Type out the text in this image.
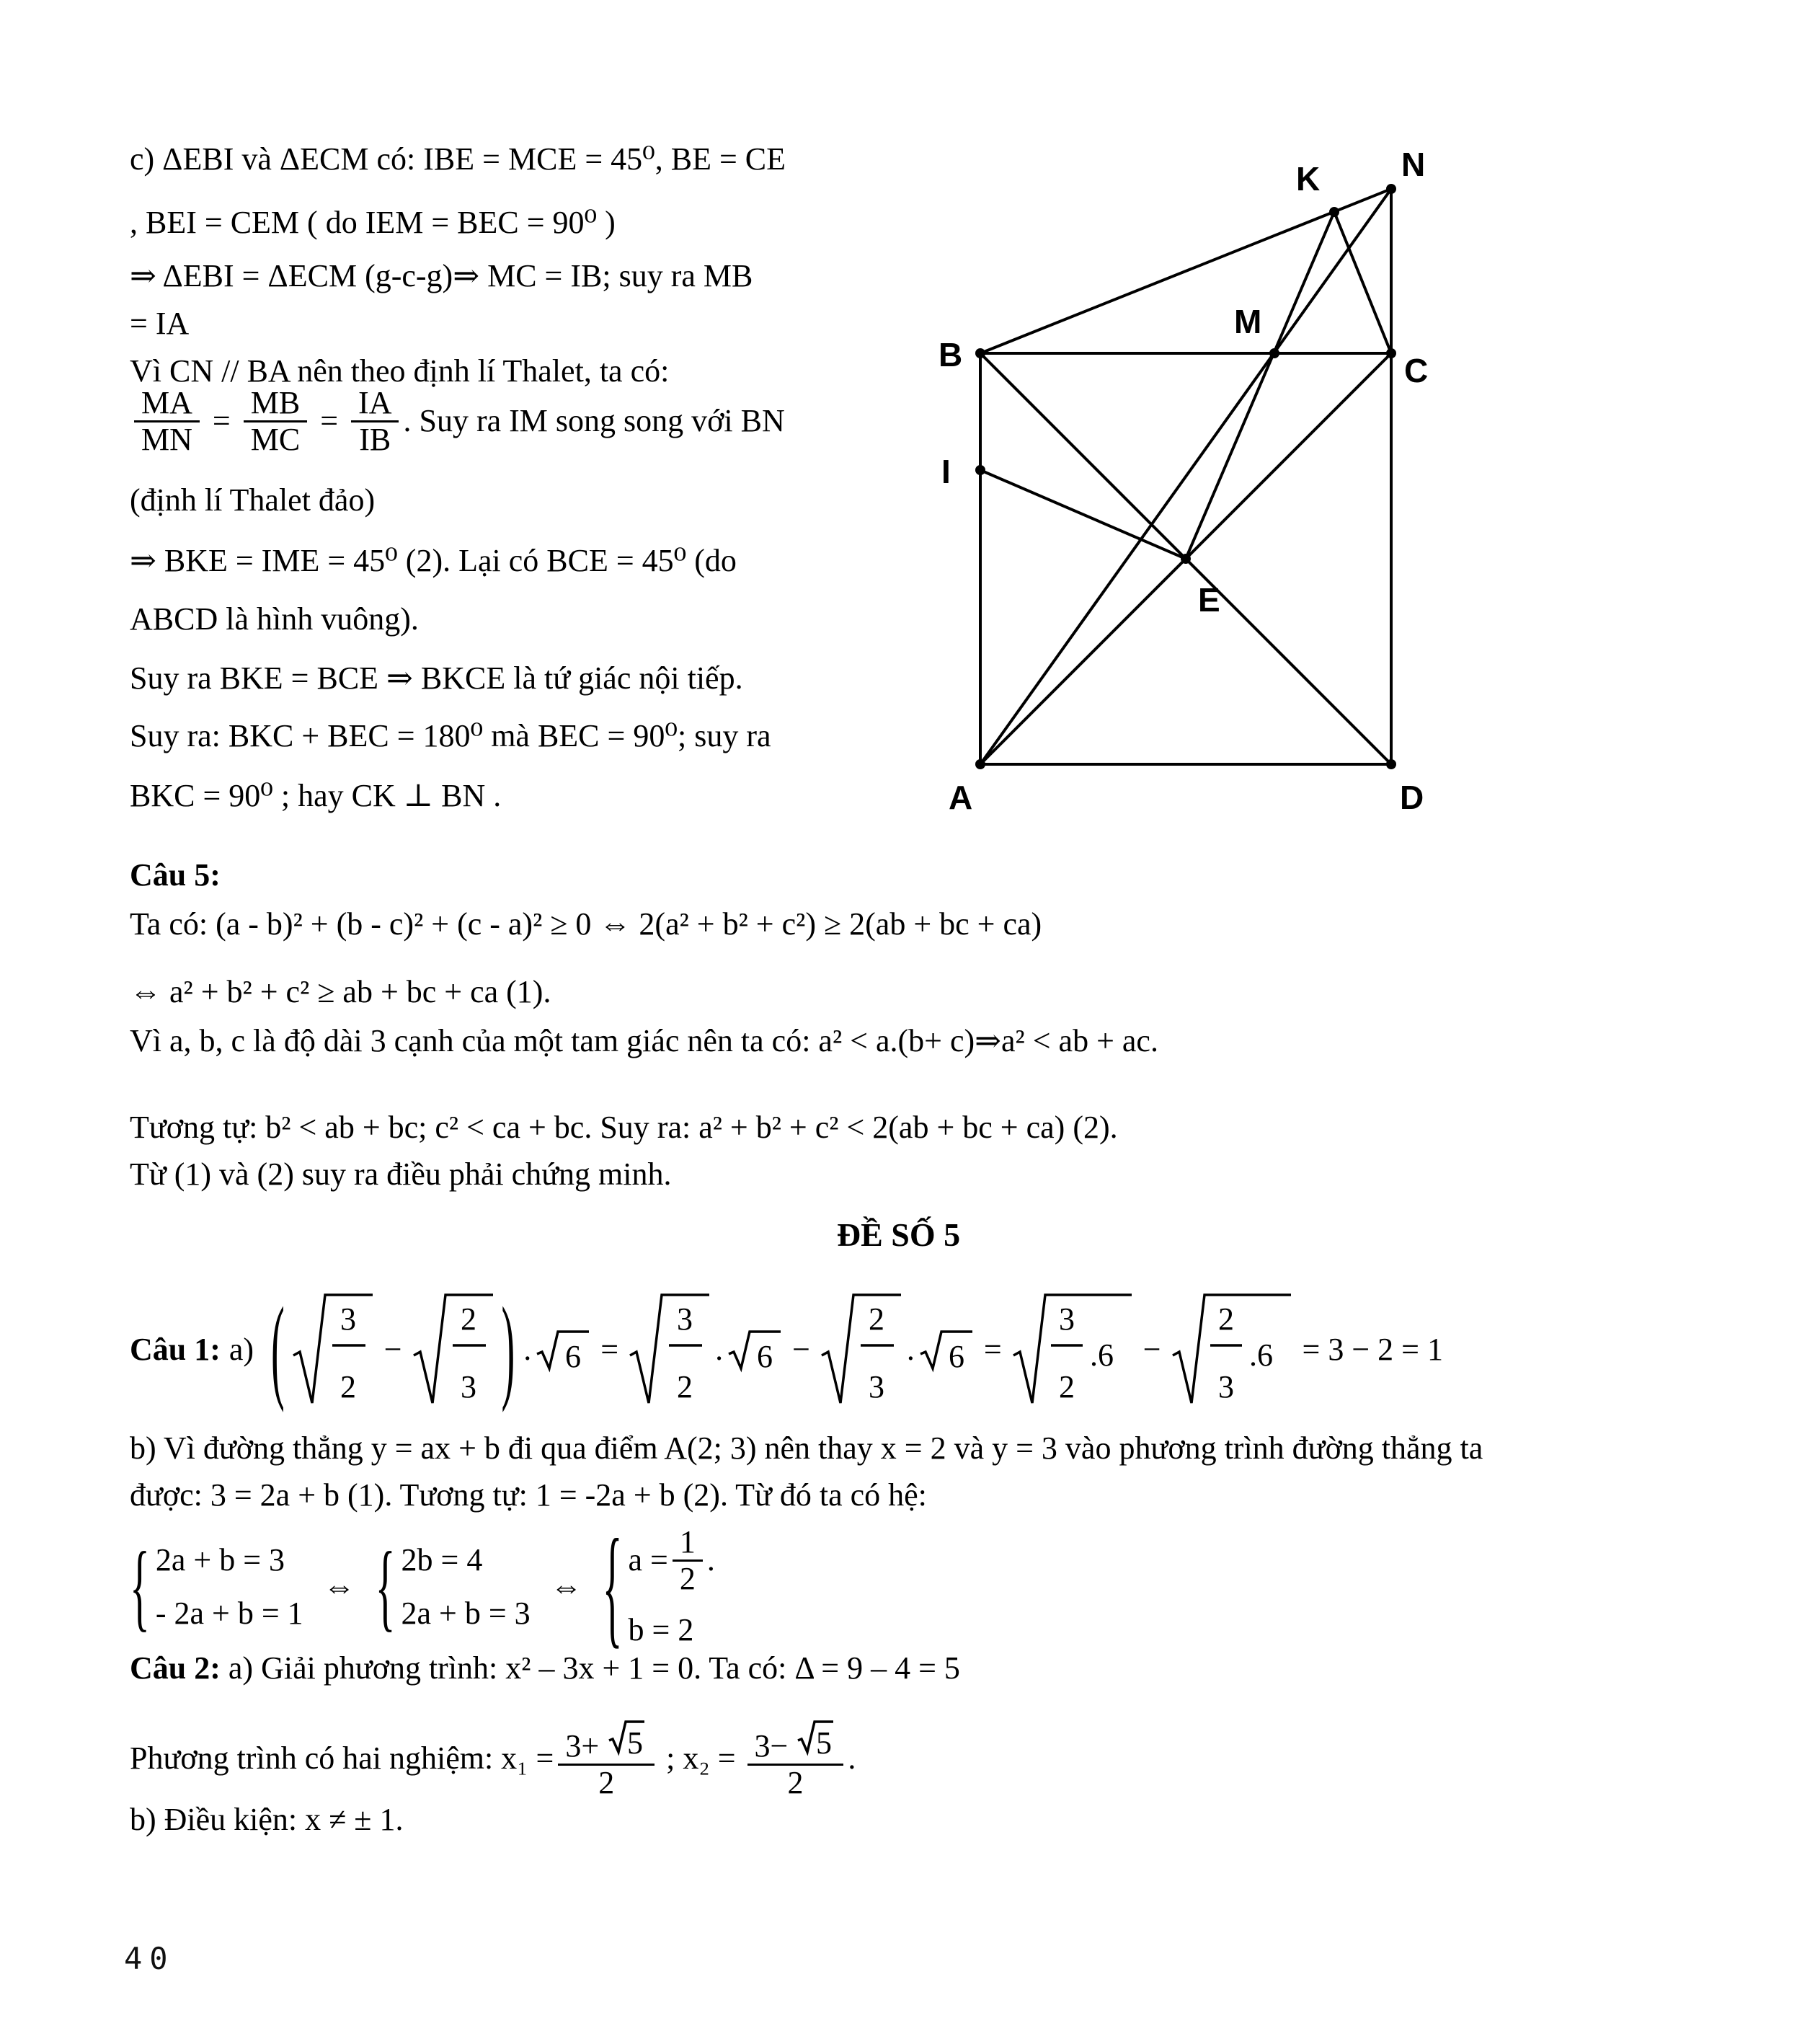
c) ΔEBI và ΔECM có: IBE = MCE = 45⁰, BE = CE
, BEI = CEM ( do IEM = BEC = 90⁰ )
⇒ ΔEBI = ΔECM (g-c-g)⇒ MC = IB; suy ra MB
= IA
Vì CN // BA nên theo định lí Thalet, ta có:
$\frac{MA}{MN} = \frac{MB}{MC} = \frac{IA}{IB}$ . Suy ra IM song song với BN
(định lí Thalet đảo)
⇒ BKE = IME = 45⁰ (2). Lại có BCE = 45⁰ (do
ABCD là hình vuông).
Suy ra BKE = BCE ⇒ BKCE là tứ giác nội tiếp.
Suy ra: BKC + BEC = 180⁰ mà BEC = 90⁰; suy ra
BKC = 90⁰ ; hay CK ⊥ BN .
Câu 5:
Ta có: (a - b)² + (b - c)² + (c - a)² ≥ 0 ⇔ 2(a² + b² + c²) ≥ 2(ab + bc + ca)
⇔ a² + b² + c² ≥ ab + bc + ca (1).
Vì a, b, c là độ dài 3 cạnh của một tam giác nên ta có: a² < a.(b+ c)⇒a² < ab + ac.
Tương tự: b² < ab + bc; c² < ca + bc. Suy ra: a² + b² + c² < 2(ab + bc + ca) (2).
Từ (1) và (2) suy ra điều phải chứng minh.
ĐỀ SỐ 5
Câu 1: a) ( 3
2
−
2
3 ) . 6 =
3
2
. 6 −
2
3
. 6 =
3
2
.6 −
2
3
.6 = 3 − 2 = 1
b) Vì đường thẳng y = ax + b đi qua điểm A(2; 3) nên thay x = 2 và y = 3 vào phương trình đường thẳng ta
được: 3 = 2a + b (1). Tương tự: 1 = -2a + b (2). Từ đó ta có hệ:
{ 2a + b = 3
- 2a + b = 1
⇔ { 2b = 4
2a + b = 3
⇔ { $a = \frac{1}{2}$ .
b = 2
Câu 2: a) Giải phương trình: x² – 3x + 1 = 0. Ta có: Δ = 9 – 4 = 5
Phương trình có hai nghiệm: $x_1 = \frac{3+ 5}{2}$ ; $x_2 = \frac{3- 5}{2}$ .
b) Điều kiện: x ≠ ± 1.
B	C
A	D
N
K
M
I
E
40
